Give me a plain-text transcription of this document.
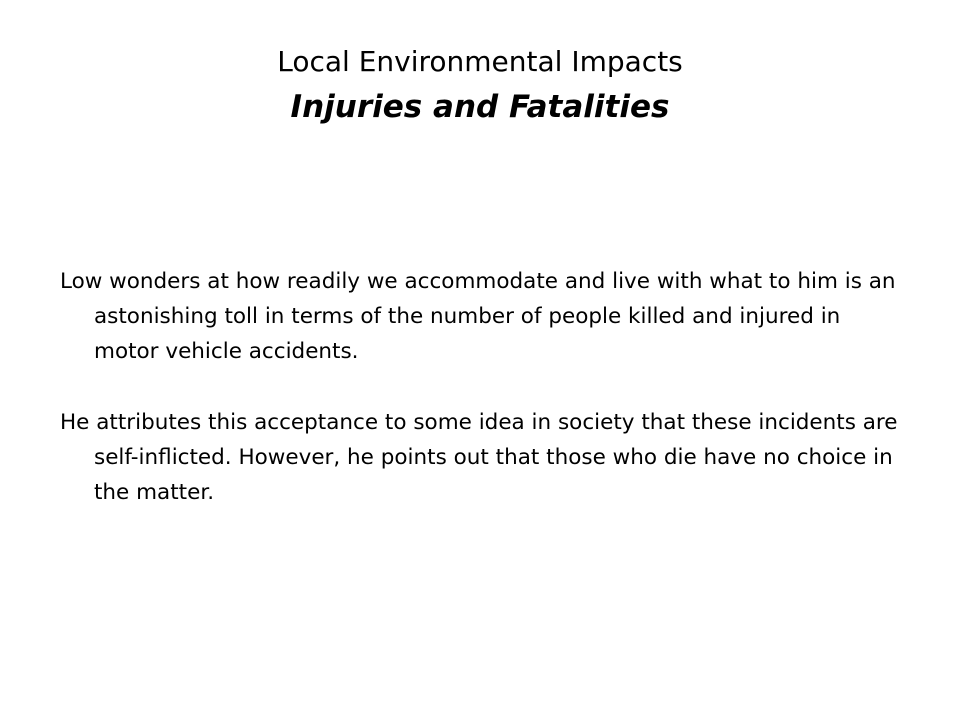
Local Environmental Impacts
Injuries and Fatalities

Low wonders at how readily we accommodate and live with what to him is an astonishing toll in terms of the number of people killed and injured in motor vehicle accidents.

He attributes this acceptance to some idea in society that these incidents are self-inflicted. However, he points out that those who die have no choice in the matter.
